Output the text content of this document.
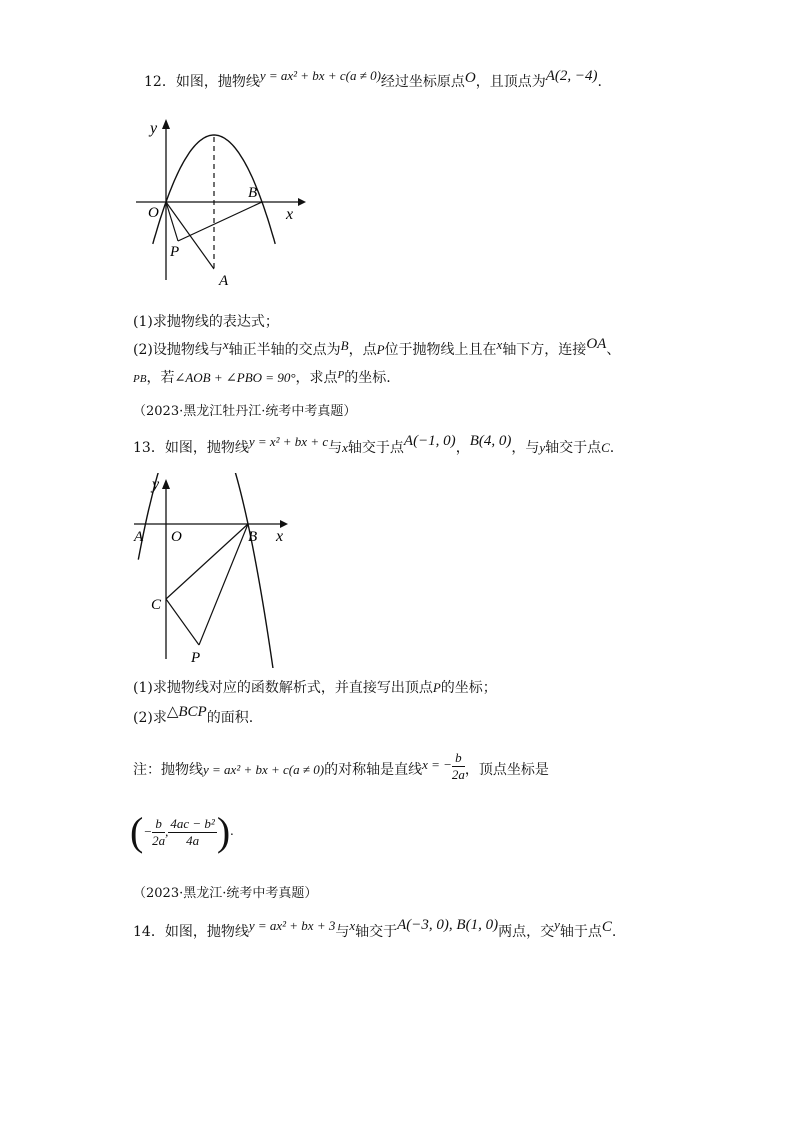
12．如图，抛物线y = ax² + bx + c(a ≠ 0)经过坐标原点O，且顶点为A(2, −4).
y
x
O
B
P
A
(1)求抛物线的表达式；
(2)设抛物线与x轴正半轴的交点为B，点P位于抛物线上且在x轴下方，连接OA、
PB，若∠AOB + ∠PBO = 90°，求点$^P$的坐标.
（2023·黑龙江牡丹江·统考中考真题）
13．如图，抛物线y = x² + bx + c与x轴交于点A(−1, 0)，B(4, 0)，与y轴交于点C.
y
x
A O	B
C
P
(1)求抛物线对应的函数解析式，并直接写出顶点P的坐标；
(2)求△BCP的面积.
注：抛物线y = ax² + bx + c(a ≠ 0)的对称轴是直线x = − $\frac{b}{2a}$ ，顶点坐标是
(− $\frac{b}{2a}$ , $\frac{\text{4ac − b²}}{4a}$ ).
（2023·黑龙江·统考中考真题）
14．如图，抛物线y = ax² + bx + 3与x轴交于A(−3, 0), B(1, 0)两点，交y轴于点C.
